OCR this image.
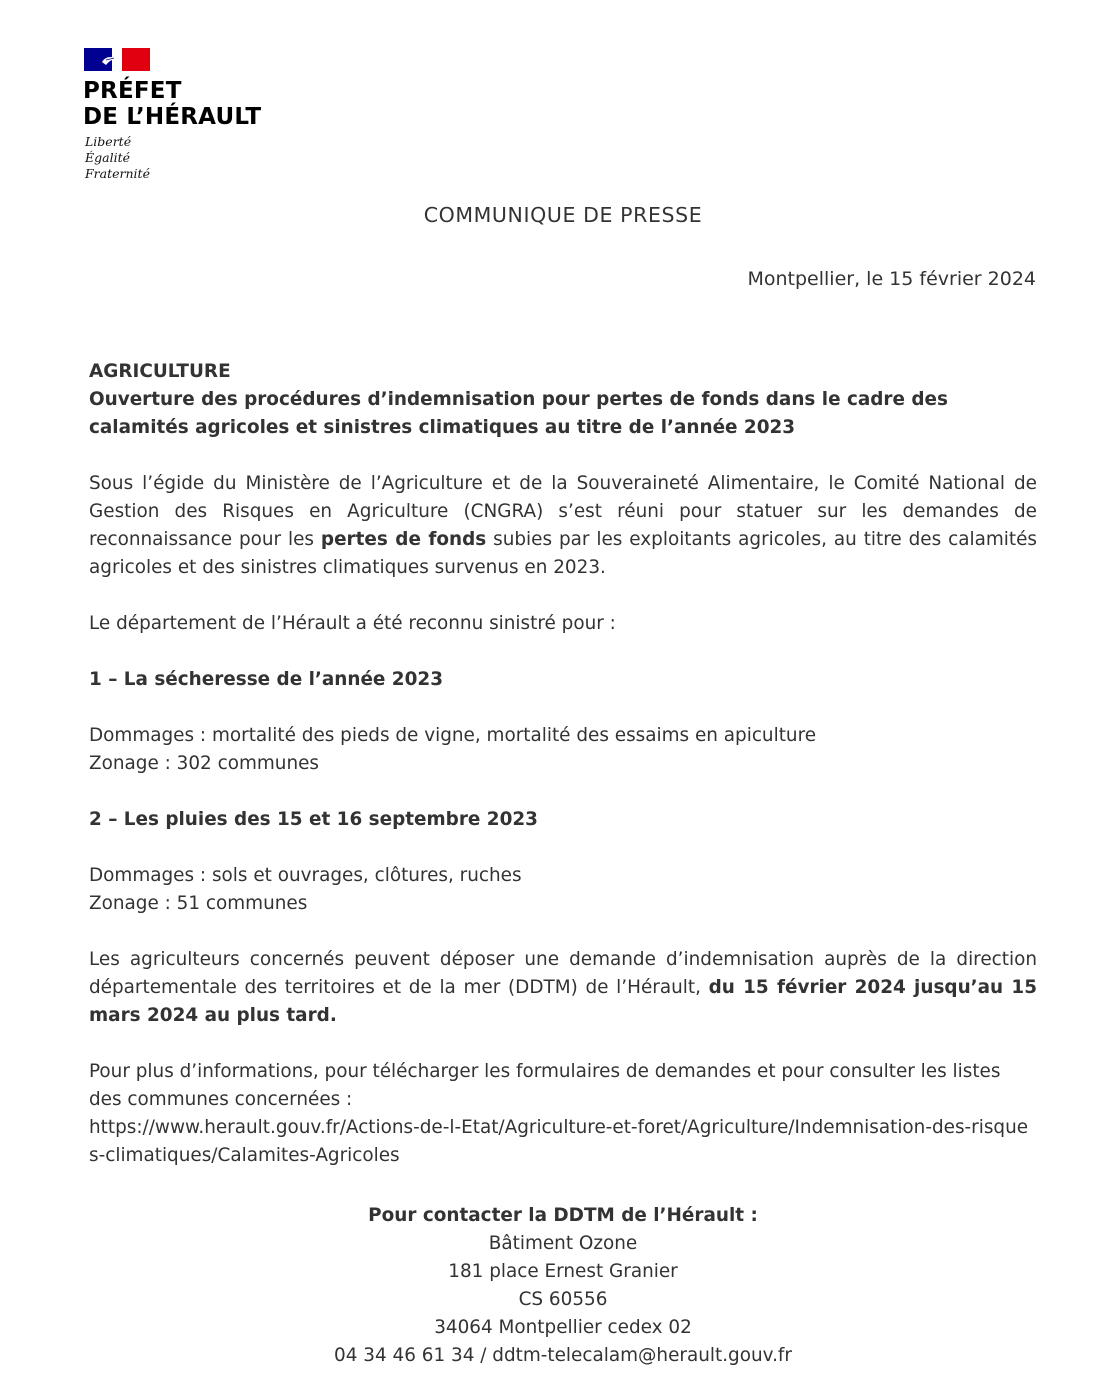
PRÉFET
DE L’HÉRAULT
Liberté
Égalité
Fraternité
COMMUNIQUE DE PRESSE
Montpellier, le 15 février 2024

AGRICULTURE

Ouverture des procédures d’indemnisation pour pertes de fonds dans le cadre des calamités agricoles et sinistres climatiques au titre de l’année 2023

Sous l’égide du Ministère de l’Agriculture et de la Souveraineté Alimentaire, le Comité National de Gestion des Risques en Agriculture (CNGRA) s’est réuni pour statuer sur les demandes de reconnaissance pour les pertes de fonds subies par les exploitants agricoles, au titre des calamités agricoles et des sinistres climatiques survenus en 2023.

Le département de l’Hérault a été reconnu sinistré pour :

1 – La sécheresse de l’année 2023

Dommages : mortalité des pieds de vigne, mortalité des essaims en apiculture

Zonage : 302 communes

2 – Les pluies des 15 et 16 septembre 2023

Dommages : sols et ouvrages, clôtures, ruches

Zonage : 51 communes

Les agriculteurs concernés peuvent déposer une demande d’indemnisation auprès de la direction départementale des territoires et de la mer (DDTM) de l’Hérault, du 15 février 2024 jusqu’au 15 mars 2024 au plus tard.

Pour plus d’informations, pour télécharger les formulaires de demandes et pour consulter les listes des communes concernées :

https://www.herault.gouv.fr/Actions-de-l-Etat/Agriculture-et-foret/Agriculture/Indemnisation-des-risques-climatiques/Calamites-Agricoles

Pour contacter la DDTM de l’Hérault :

Bâtiment Ozone

181 place Ernest Granier

CS 60556

34064 Montpellier cedex 02

04 34 46 61 34 / ddtm-telecalam@herault.gouv.fr
